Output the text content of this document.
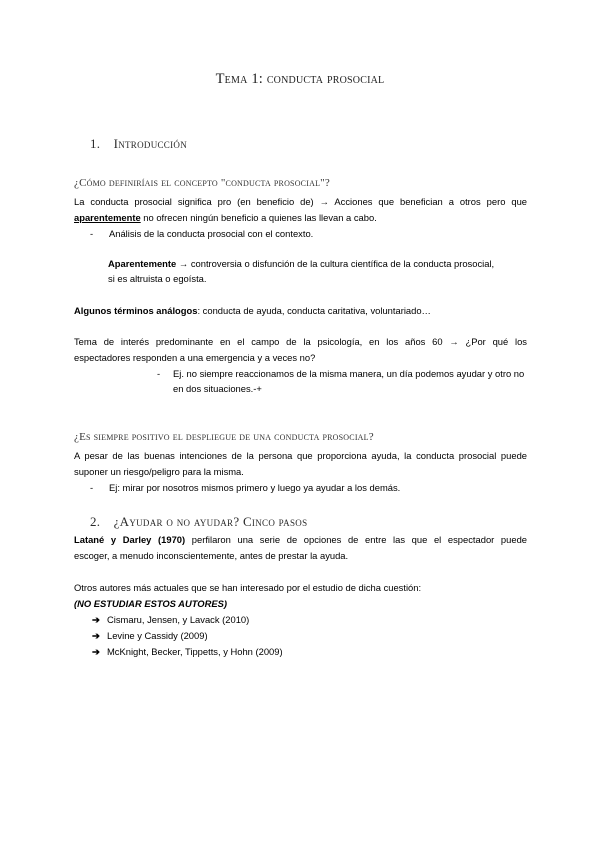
Tema 1: conducta prosocial
1. Introducción
¿Cómo definiríais el concepto "conducta prosocial"?
La conducta prosocial significa pro (en beneficio de) → Acciones que benefician a otros pero que
aparentemente no ofrecen ningún beneficio a quienes las llevan a cabo.
- Análisis de la conducta prosocial con el contexto.
Aparentemente → controversia o disfunción de la cultura científica de la conducta prosocial,
si es altruista o egoísta.
Algunos términos análogos: conducta de ayuda, conducta caritativa, voluntariado…
Tema de interés predominante en el campo de la psicología, en los años 60 → ¿Por qué los
espectadores responden a una emergencia y a veces no?
- Ej. no siempre reaccionamos de la misma manera, un día podemos ayudar y otro no
en dos situaciones.-+
¿Es siempre positivo el despliegue de una conducta prosocial?
A pesar de las buenas intenciones de la persona que proporciona ayuda, la conducta prosocial puede
suponer un riesgo/peligro para la misma.
- Ej: mirar por nosotros mismos primero y luego ya ayudar a los demás.
2. ¿Ayudar o no ayudar? Cinco pasos
Latané y Darley (1970) perfilaron una serie de opciones de entre las que el espectador puede
escoger, a menudo inconscientemente, antes de prestar la ayuda.
Otros autores más actuales que se han interesado por el estudio de dicha cuestión:
(NO ESTUDIAR ESTOS AUTORES)
➔ Cismaru, Jensen, y Lavack (2010)
➔ Levine y Cassidy (2009)
➔ McKnight, Becker, Tippetts, y Hohn (2009)
